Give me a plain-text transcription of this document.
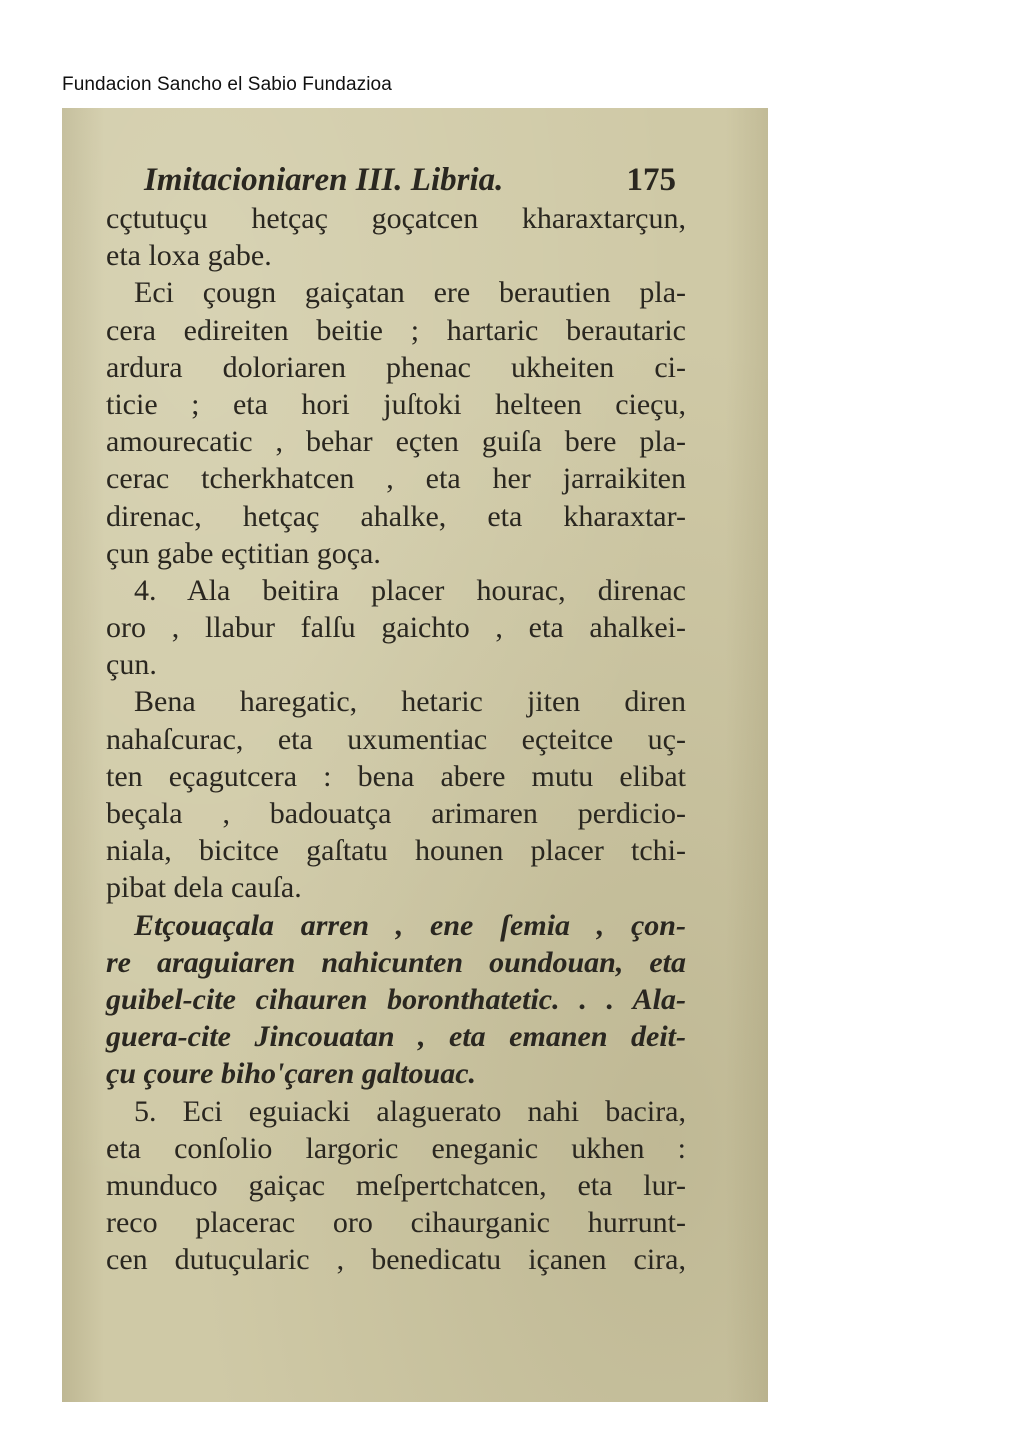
Fundacion Sancho el Sabio Fundazioa
Imitacioniaren III. Libria.	175
cçtutuçu hetçaç goçatcen kharaxtarçun,
eta loxa gabe.
Eci çougn gaiçatan ere berautien pla-
cera edireiten beitie ; hartaric berautaric
ardura doloriaren phenac ukheiten ci-
ticie ; eta hori juſtoki helteen cieçu,
amourecatic , behar eçten guiſa bere pla-
cerac tcherkhatcen , eta her jarraikiten
direnac, hetçaç ahalke, eta kharaxtar-
çun gabe eçtitian goça.
4. Ala beitira placer hourac, direnac
oro , llabur falſu gaichto , eta ahalkei-
çun.
Bena haregatic, hetaric jiten diren
nahaſcurac, eta uxumentiac eçteitce uç-
ten eçagutcera : bena abere mutu elibat
beçala , badouatça arimaren perdicio-
niala, bicitce gaſtatu hounen placer tchi-
pibat dela cauſa.
Etçouaçala arren , ene ſemia , çon-
re araguiaren nahicunten oundouan, eta
guibel-cite cihauren boronthatetic. . . Ala-
guera-cite Jincouatan , eta emanen deit-
çu çoure biho'çaren galtouac.
5. Eci eguiacki alaguerato nahi bacira,
eta conſolio largoric eneganic ukhen :
munduco gaiçac meſpertchatcen, eta lur-
reco placerac oro cihaurganic hurrunt-
cen dutuçularic , benedicatu içanen cira,
